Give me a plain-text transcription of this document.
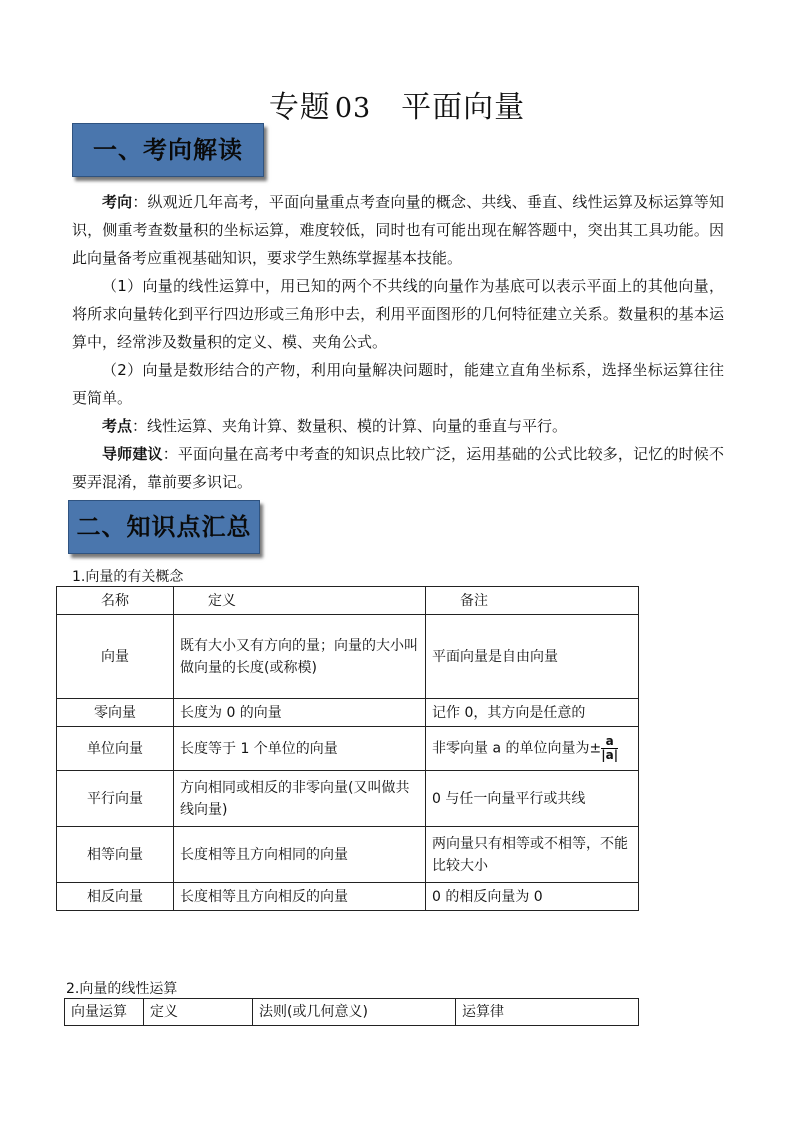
专题 03 平面向量
一、考向解读
考向：纵观近几年高考，平面向量重点考查向量的概念、共线、垂直、线性运算及标运算等知识，侧重考查数量积的坐标运算，难度较低，同时也有可能出现在解答题中，突出其工具功能。因此向量备考应重视基础知识，要求学生熟练掌握基本技能。
（1）向量的线性运算中，用已知的两个不共线的向量作为基底可以表示平面上的其他向量，将所求向量转化到平行四边形或三角形中去，利用平面图形的几何特征建立关系。数量积的基本运算中，经常涉及数量积的定义、模、夹角公式。
（2）向量是数形结合的产物，利用向量解决问题时，能建立直角坐标系，选择坐标运算往往更简单。
考点：线性运算、夹角计算、数量积、模的计算、向量的垂直与平行。
导师建议：平面向量在高考中考查的知识点比较广泛，运用基础的公式比较多，记忆的时候不要弄混淆，靠前要多识记。
二、知识点汇总
1.向量的有关概念
名称	定义	备注
向量	既有大小又有方向的量；向量的大小叫做向量的长度(或称模)	平面向量是自由向量
零向量	长度为 0 的向量	记作 0，其方向是任意的
单位向量	长度等于 1 个单位的向量	非零向量 a 的单位向量为± $\frac{a}{|a|}$

平行向量	方向相同或相反的非零向量(又叫做共线向量)	0 与任一向量平行或共线
相等向量	长度相等且方向相同的向量	两向量只有相等或不相等，不能比较大小
相反向量	长度相等且方向相反的向量	0 的相反向量为 0
2.向量的线性运算
向量运算	定义	法则(或几何意义)	运算律
